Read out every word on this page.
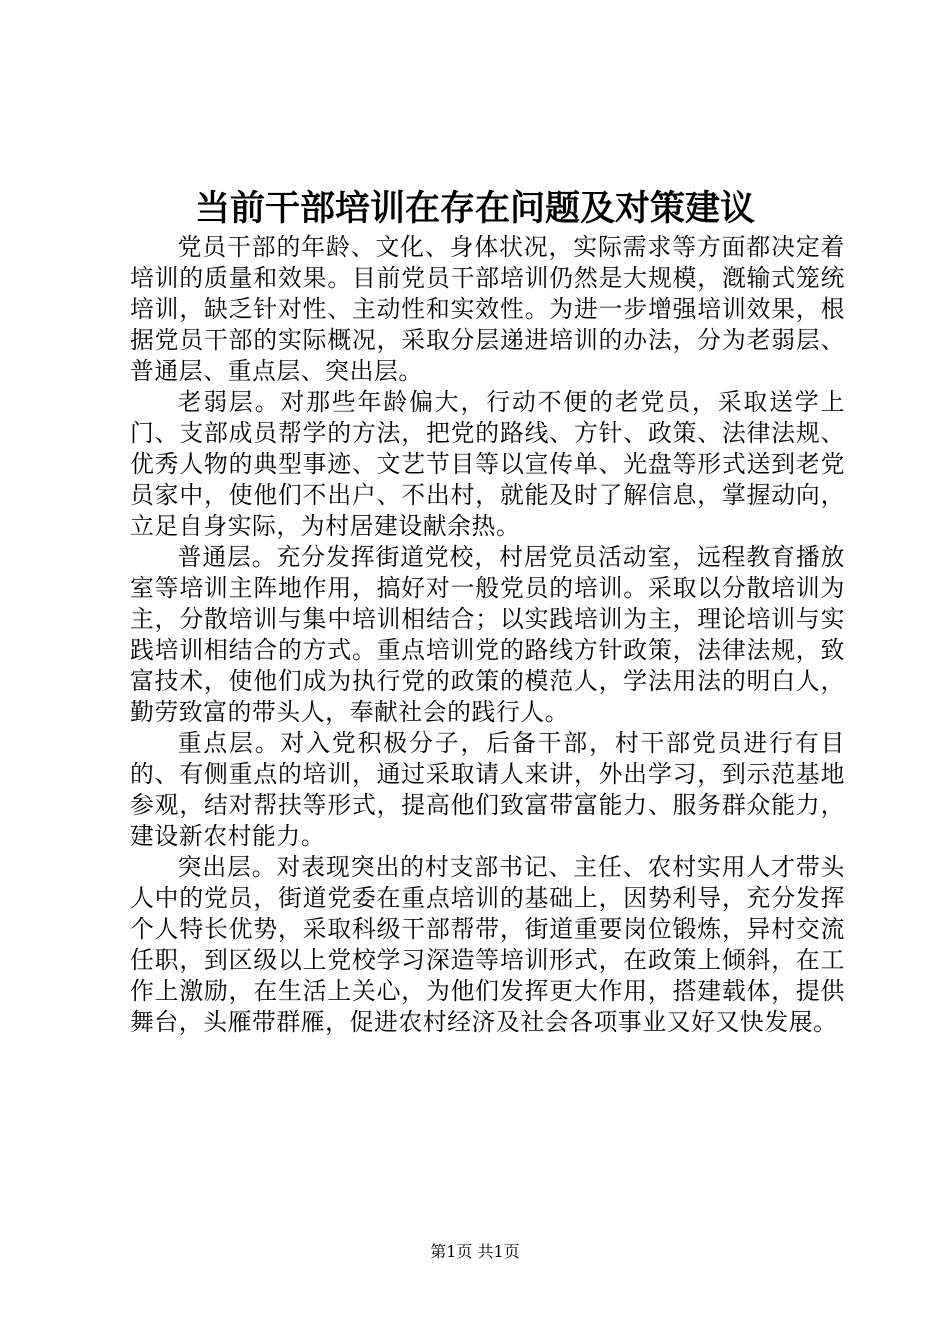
当前干部培训在存在问题及对策建议

党员干部的年龄、文化、身体状况，实际需求等方面都决定着培训的质量和效果。目前党员干部培训仍然是大规模，漑输式笼统培训，缺乏针对性、主动性和实效性。为进一步增强培训效果，根据党员干部的实际概况，采取分层递进培训的办法，分为老弱层、普通层、重点层、突出层。

老弱层。对那些年龄偏大，行动不便的老党员，采取送学上门、支部成员帮学的方法，把党的路线、方针、政策、法律法规、优秀人物的典型事迹、文艺节目等以宣传单、光盘等形式送到老党员家中，使他们不出户、不出村，就能及时了解信息，掌握动向，立足自身实际，为村居建设献余热。

普通层。充分发挥街道党校，村居党员活动室，远程教育播放室等培训主阵地作用，搞好对一般党员的培训。采取以分散培训为主，分散培训与集中培训相结合；以实践培训为主，理论培训与实践培训相结合的方式。重点培训党的路线方针政策，法律法规，致富技术，使他们成为执行党的政策的模范人，学法用法的明白人，勤劳致富的带头人，奉献社会的践行人。

重点层。对入党积极分子，后备干部，村干部党员进行有目的、有侧重点的培训，通过采取请人来讲，外出学习，到示范基地参观，结对帮扶等形式，提高他们致富带富能力、服务群众能力，建设新农村能力。

突出层。对表现突出的村支部书记、主任、农村实用人才带头人中的党员，街道党委在重点培训的基础上，因势利导，充分发挥个人特长优势，采取科级干部帮带，街道重要岗位锻炼，异村交流任职，到区级以上党校学习深造等培训形式，在政策上倾斜，在工作上激励，在生活上关心，为他们发挥更大作用，搭建载体，提供舞台，头雁带群雁，促进农村经济及社会各项事业又好又快发展。

第1页 共1页
